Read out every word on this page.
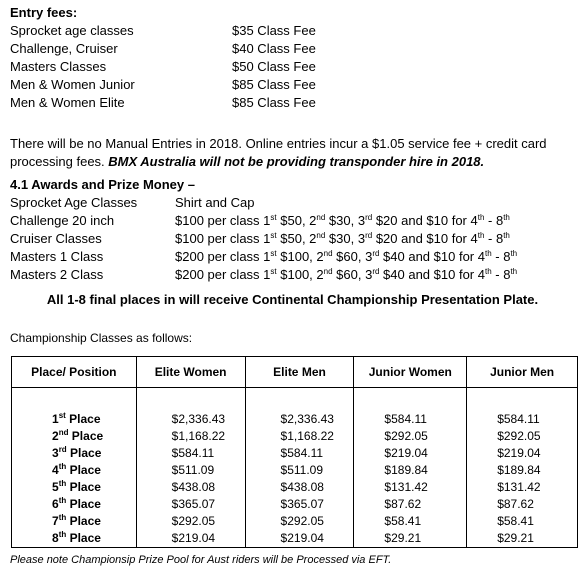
Entry fees:
Sprocket age classes	$35 Class Fee
Challenge, Cruiser	$40 Class Fee
Masters Classes	$50 Class Fee
Men & Women Junior	$85 Class Fee
Men & Women Elite	$85 Class Fee
There will be no Manual Entries in 2018. Online entries incur a $1.05 service fee + credit card
processing fees. BMX Australia will not be providing transponder hire in 2018.
4.1 Awards and Prize Money –
Sprocket Age Classes	Shirt and Cap
Challenge 20 inch	$100 per class 1st $50, 2nd $30, 3rd $20 and $10 for 4th - 8th
Cruiser Classes	$100 per class 1st $50, 2nd $30, 3rd $20 and $10 for 4th - 8th
Masters 1 Class	$200 per class 1st $100, 2nd $60, 3rd $40 and $10 for 4th - 8th
Masters 2 Class	$200 per class 1st $100, 2nd $60, 3rd $40 and $10 for 4th - 8th
All 1-8 final places in will receive Continental Championship Presentation Plate.
Championship Classes as follows:
Place/ Position	Elite Women	Elite Men	Junior Women	Junior Men

1st Place	$2,336.43	$2,336.43	$584.11	$584.11
2nd Place	$1,168.22	$1,168.22	$292.05	$292.05
3rd Place	$584.11	$584.11	$219.04	$219.04
4th Place	$511.09	$511.09	$189.84	$189.84
5th Place	$438.08	$438.08	$131.42	$131.42
6th Place	$365.07	$365.07	$87.62	$87.62
7th Place	$292.05	$292.05	$58.41	$58.41
8th Place	$219.04	$219.04	$29.21	$29.21
Please note Championsip Prize Pool for Aust riders will be Processed via EFT.
